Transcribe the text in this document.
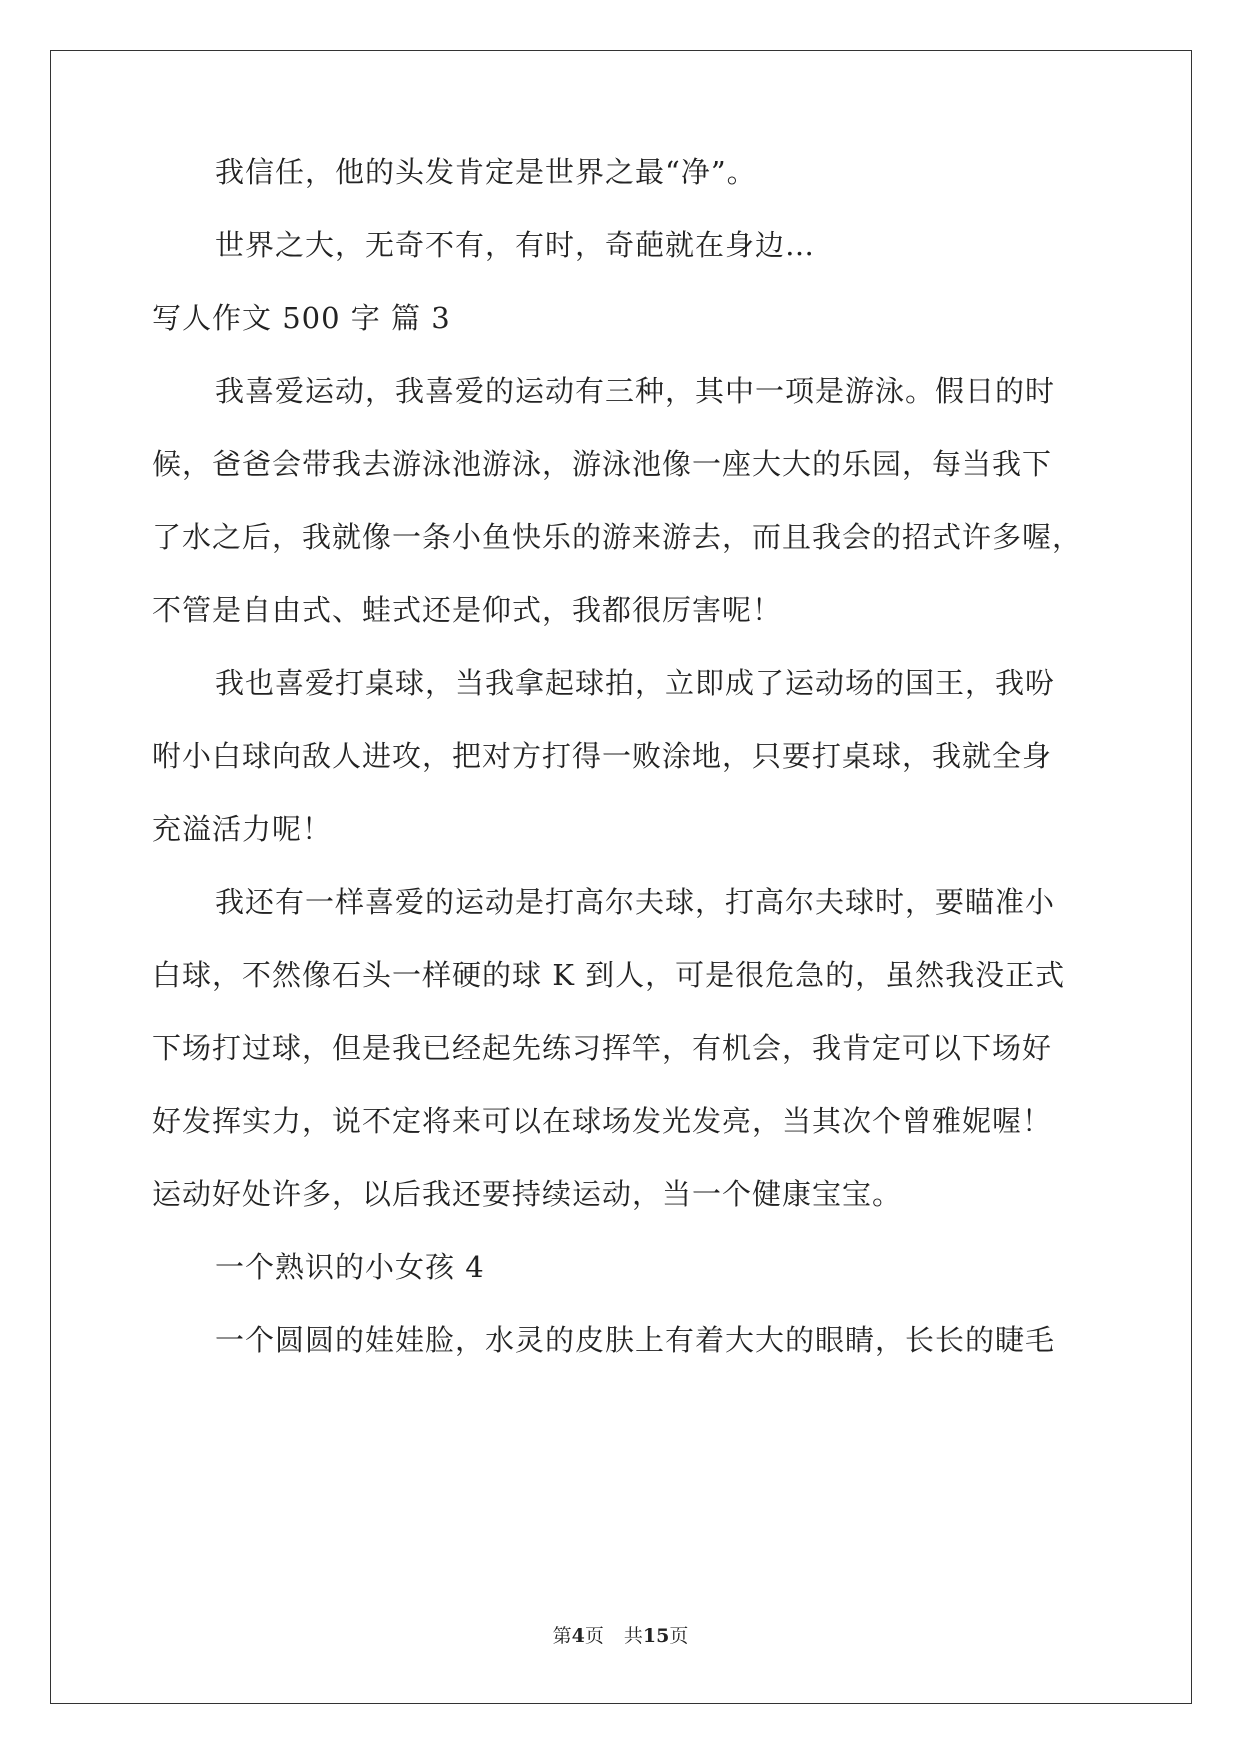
我信任，他的头发肯定是世界之最“净”。
世界之大，无奇不有，有时，奇葩就在身边…
写人作文 500 字 篇 3
我喜爱运动，我喜爱的运动有三种，其中一项是游泳。假日的时
候，爸爸会带我去游泳池游泳，游泳池像一座大大的乐园，每当我下
了水之后，我就像一条小鱼快乐的游来游去，而且我会的招式许多喔，
不管是自由式、蛙式还是仰式，我都很厉害呢！
我也喜爱打桌球，当我拿起球拍，立即成了运动场的国王，我吩
咐小白球向敌人进攻，把对方打得一败涂地，只要打桌球，我就全身
充溢活力呢！
我还有一样喜爱的运动是打高尔夫球，打高尔夫球时，要瞄准小
白球，不然像石头一样硬的球 K 到人，可是很危急的，虽然我没正式
下场打过球，但是我已经起先练习挥竿，有机会，我肯定可以下场好
好发挥实力，说不定将来可以在球场发光发亮，当其次个曾雅妮喔！
运动好处许多，以后我还要持续运动，当一个健康宝宝。
一个熟识的小女孩 4
一个圆圆的娃娃脸，水灵的皮肤上有着大大的眼睛，长长的睫毛
第4页 共15页
